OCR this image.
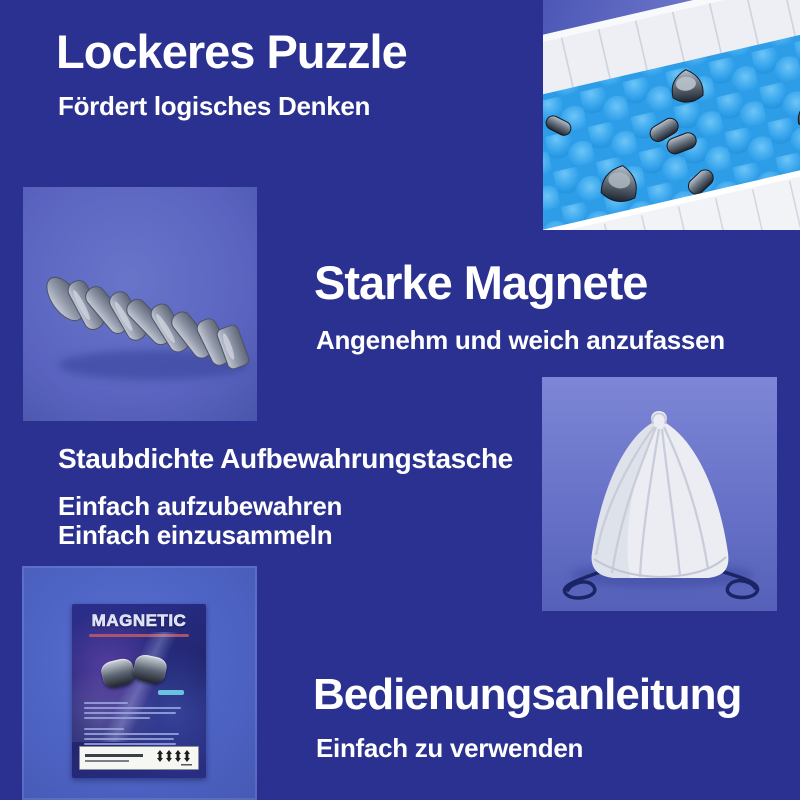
Lockeres Puzzle
Fördert logisches Denken
Starke Magnete
Angenehm und weich anzufassen
Staubdichte Aufbewahrungstasche
Einfach aufzubewahren
Einfach einzusammeln
MAGNETIC
Bedienungsanleitung
Einfach zu verwenden
